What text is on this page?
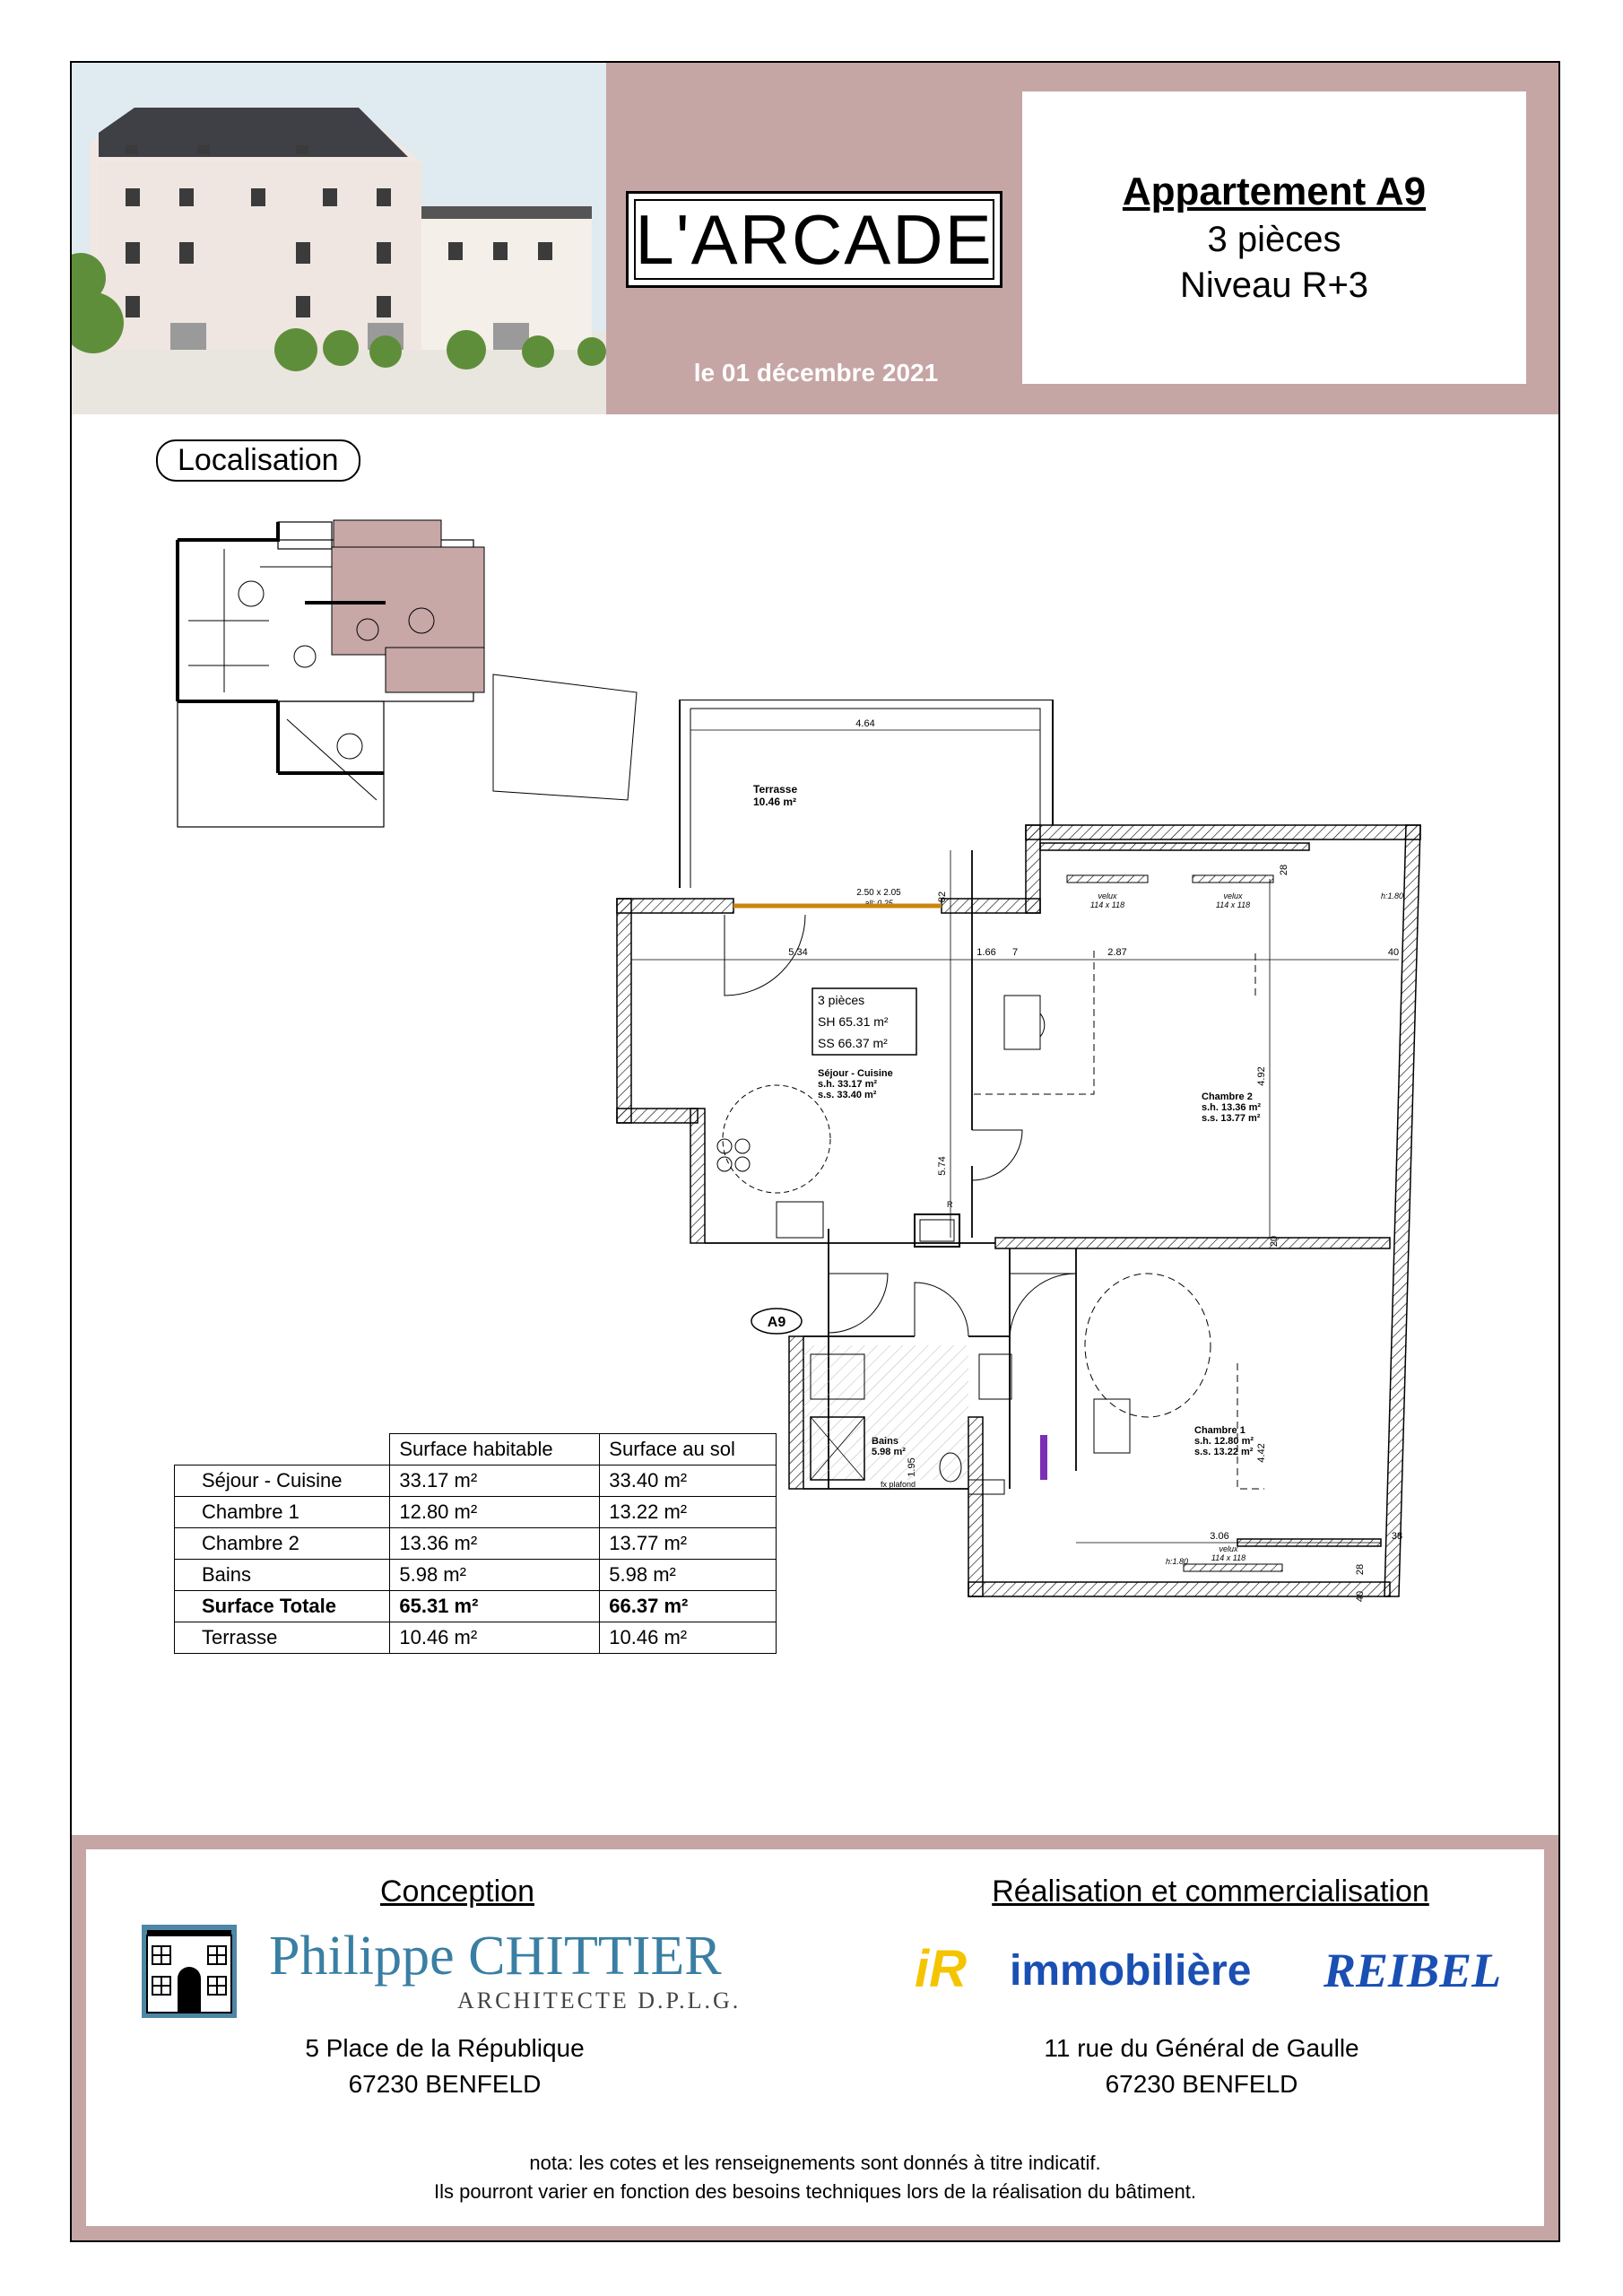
L'ARCADE
le 01 décembre 2021
Appartement A9
3 pièces
Niveau R+3
Localisation
4.64
Terrasse
10.46 m²
2.50 x 2.05
all: 0.25
5.34	1.66 7	2.87	40
82
28
4.92
5.74
20
4.42
3.06	38
28
40
velux
114 x 118
velux
114 x 118
velux
114 x 118
h:1.80
h:1.80
3 pièces
SH 65.31 m²
SS 66.37 m²
Séjour - Cuisine
s.h. 33.17 m²
s.s. 33.40 m²	Chambre 2
s.h. 13.36 m²
s.s. 13.77 m²
Chambre 1
s.h. 12.80 m²
s.s. 13.22 m²
fx plafond
R
A9
	Surface habitable	Surface au sol
Séjour - Cuisine	33.17 m²	33.40 m²
Chambre 1	12.80 m²	13.22 m²
Chambre 2	13.36 m²	13.77 m²
Bains	5.98 m²	5.98 m²
Surface Totale	65.31 m²	66.37 m²
Terrasse	10.46 m²	10.46 m²
Conception
Philippe CHITTIER
ARCHITECTE D.P.L.G.
5 Place de la République
67230 BENFELD
Réalisation et commercialisation
iR immobilière REIBEL
11 rue du Général de Gaulle
67230 BENFELD
nota: les cotes et les renseignements sont donnés à titre indicatif.
Ils pourront varier en fonction des besoins techniques lors de la réalisation du bâtiment.
